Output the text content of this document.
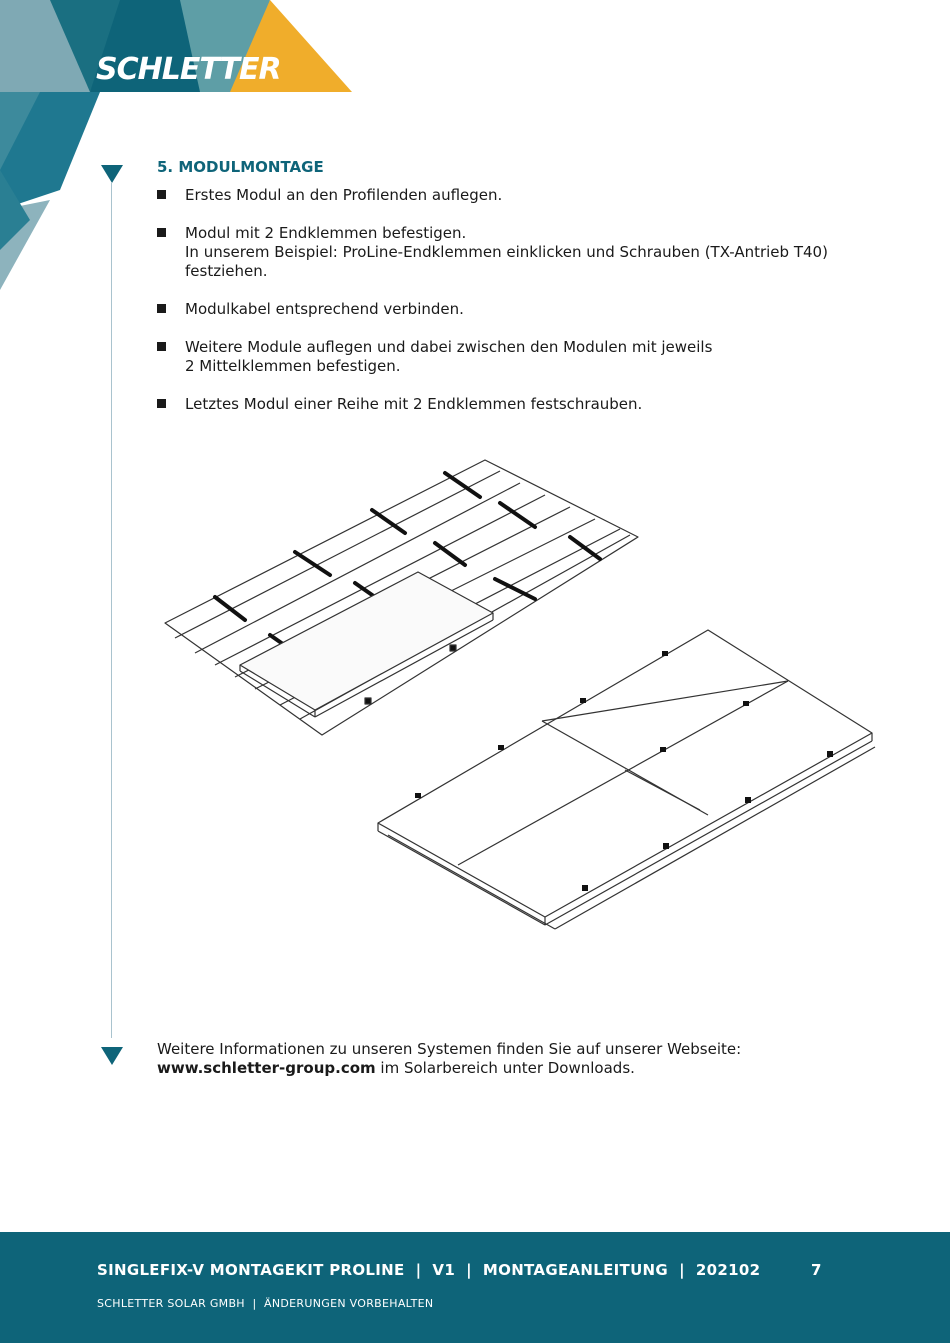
SCHLETTER
5. MODULMONTAGE
Erstes Modul an den Profilenden auflegen.
Modul mit 2 Endklemmen befestigen.
In unserem Beispiel: ProLine-Endklemmen einklicken und Schrauben (TX-Antrieb T40)
festziehen.
Modulkabel entsprechend verbinden.
Weitere Module auflegen und dabei zwischen den Modulen mit jeweils
2 Mittelklemmen befestigen.
Letztes Modul einer Reihe mit 2 Endklemmen festschrauben.
Weitere Informationen zu unseren Systemen finden Sie auf unserer Webseite:
www.schletter-group.com im Solarbereich unter Downloads.
SINGLEFIX-V MONTAGEKIT PROLINE  |  V1  |  MONTAGEANLEITUNG  |  202102	7
SCHLETTER SOLAR GMBH  |  ÄNDERUNGEN VORBEHALTEN
